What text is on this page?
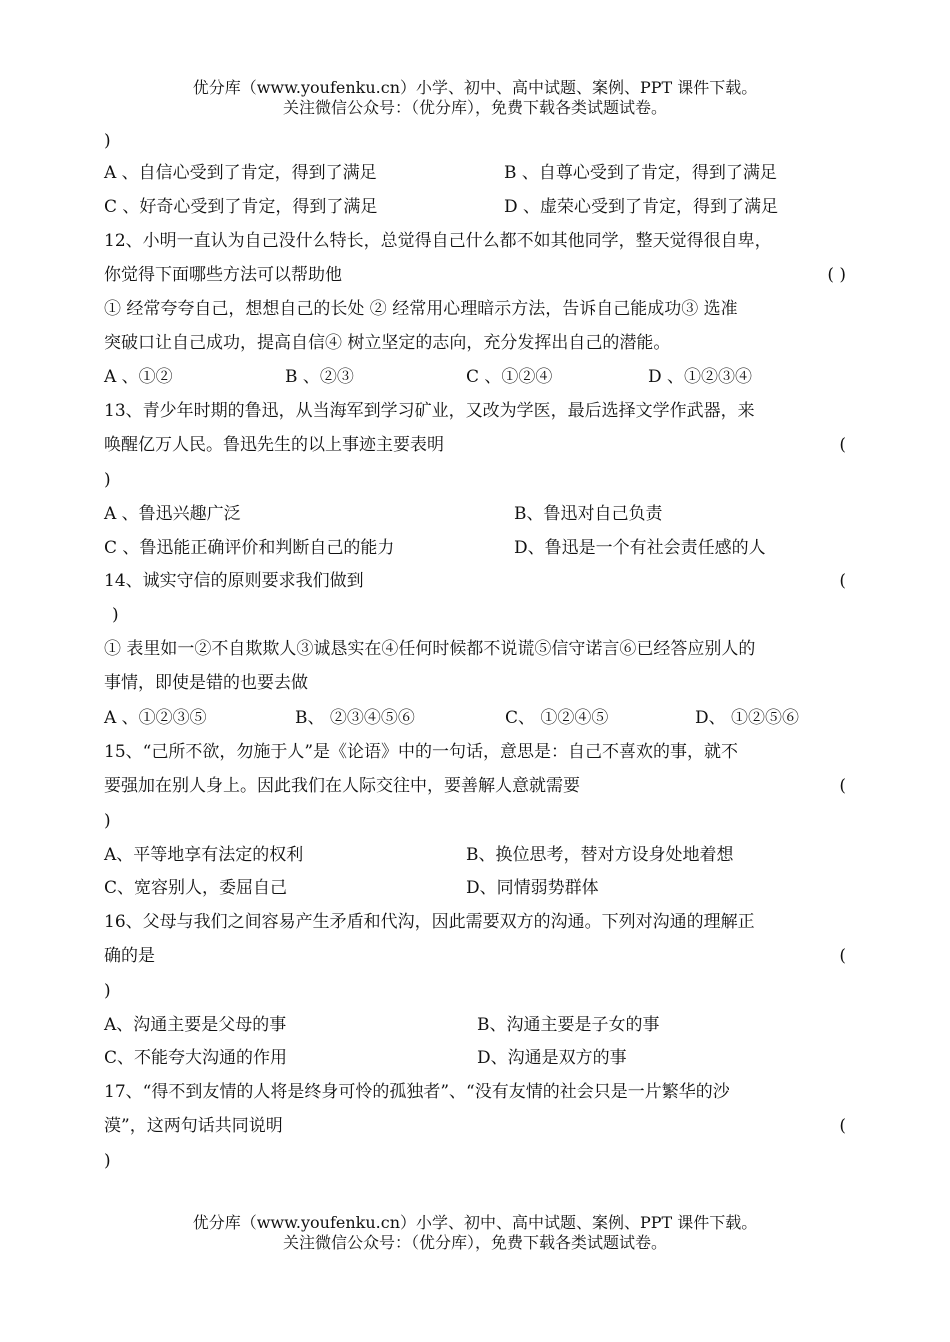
优分库（www.youfenku.cn）小学、初中、高中试题、案例、PPT 课件下载。
关注微信公众号：（优分库），免费下载各类试题试卷。
)
A 、自信心受到了肯定，得到了满足	B 、自尊心受到了肯定，得到了满足
C 、好奇心受到了肯定，得到了满足	D 、虚荣心受到了肯定，得到了满足
12、小明一直认为自己没什么特长，总觉得自己什么都不如其他同学，整天觉得很自卑，
你觉得下面哪些方法可以帮助他	( )
① 经常夸夸自己，想想自己的长处 ② 经常用心理暗示方法，告诉自己能成功③ 选准
突破口让自己成功，提高自信④ 树立坚定的志向，充分发挥出自己的潜能。
A 、①②	B 、②③	C 、①②④	D 、①②③④
13、青少年时期的鲁迅，从当海军到学习矿业，又改为学医，最后选择文学作武器，来
唤醒亿万人民。鲁迅先生的以上事迹主要表明	(
)
A 、鲁迅兴趣广泛	B、鲁迅对自己负责
C 、鲁迅能正确评价和判断自己的能力	D、鲁迅是一个有社会责任感的人
14、诚实守信的原则要求我们做到	(
)
① 表里如一②不自欺欺人③诚恳实在④任何时候都不说谎⑤信守诺言⑥已经答应别人的
事情，即使是错的也要去做
A 、①②③⑤	B、 ②③④⑤⑥	C、 ①②④⑤	D、 ①②⑤⑥
15、“己所不欲，勿施于人”是《论语》中的一句话，意思是：自己不喜欢的事，就不
要强加在别人身上。因此我们在人际交往中，要善解人意就需要	(
)
A、平等地享有法定的权利	B、换位思考，替对方设身处地着想
C、宽容别人，委屈自己	D、同情弱势群体
16、父母与我们之间容易产生矛盾和代沟，因此需要双方的沟通。下列对沟通的理解正
确的是	(
)
A、沟通主要是父母的事	B、沟通主要是子女的事
C、不能夸大沟通的作用	D、沟通是双方的事
17、“得不到友情的人将是终身可怜的孤独者”、“没有友情的社会只是一片繁华的沙
漠”，这两句话共同说明	(
)
优分库（www.youfenku.cn）小学、初中、高中试题、案例、PPT 课件下载。
关注微信公众号：（优分库），免费下载各类试题试卷。
